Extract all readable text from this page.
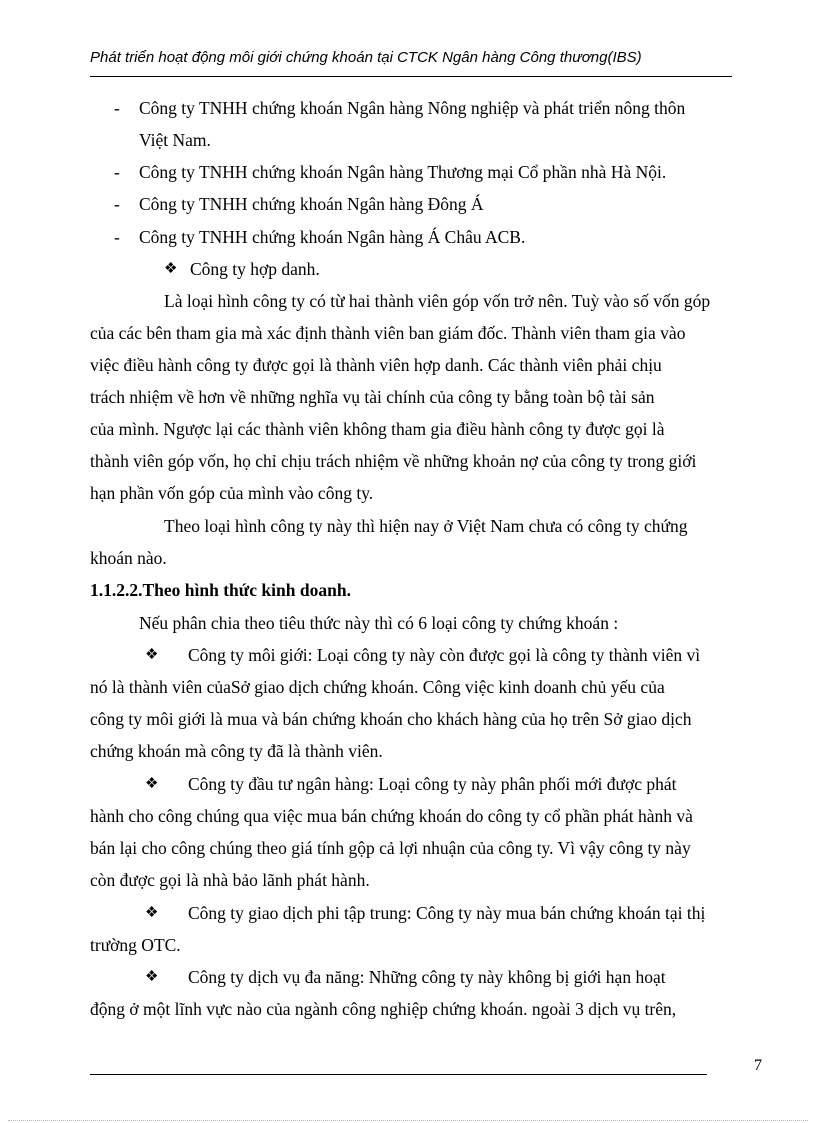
Phát triển hoạt động môi giới chứng khoán tại CTCK Ngân hàng Công thương(IBS)
-
-
-
-
❖
❖
❖
❖
❖
Công ty TNHH chứng khoán Ngân hàng Nông nghiệp và phát triển nông thôn
Việt Nam.
Công ty TNHH chứng khoán Ngân hàng Thương mại Cổ phần nhà Hà Nội.
Công ty TNHH chứng khoán Ngân hàng Đông Á
Công ty TNHH chứng khoán Ngân hàng Á Châu ACB.
Công ty hợp danh.
Là loại hình công ty có từ hai thành viên góp vốn trở nên. Tuỳ vào số vốn góp
của các bên tham gia mà xác định thành viên ban giám đốc. Thành viên tham gia vào
việc điều hành công ty được gọi là thành viên hợp danh. Các thành viên phải chịu
trách nhiệm về hơn về những nghĩa vụ tài chính của công ty bằng toàn bộ tài sản
của mình. Ngược lại các thành viên không tham gia điều hành công ty được gọi là
thành viên góp vốn, họ chỉ chịu trách nhiệm về những khoản nợ của công ty trong giới
hạn phần vốn góp của mình vào công ty.
Theo loại hình công ty này thì hiện nay ở Việt Nam chưa có công ty chứng
khoán nào.
1.1.2.2.Theo hình thức kinh doanh.
Nếu phân chia theo tiêu thức này thì có 6 loại công ty chứng khoán :
Công ty môi giới: Loại công ty này còn được gọi là công ty thành viên vì
nó là thành viên củaSở giao dịch chứng khoán. Công việc kinh doanh chủ yếu của
công ty môi giới là mua và bán chứng khoán cho khách hàng của họ trên Sở giao dịch
chứng khoán mà công ty đã là thành viên.
Công ty đầu tư ngân hàng: Loại công ty này phân phối mới được phát
hành cho công chúng qua việc mua bán chứng khoán do công ty cổ phần phát hành và
bán lại cho công chúng theo giá tính gộp cả lợi nhuận của công ty. Vì vậy công ty này
còn được gọi là nhà bảo lãnh phát hành.
Công ty giao dịch phi tập trung: Công ty này mua bán chứng khoán tại thị
trường OTC.
Công ty dịch vụ đa năng: Những công ty này không bị giới hạn hoạt
động ở một lĩnh vực nào của ngành công nghiệp chứng khoán. ngoài 3 dịch vụ trên,
7
